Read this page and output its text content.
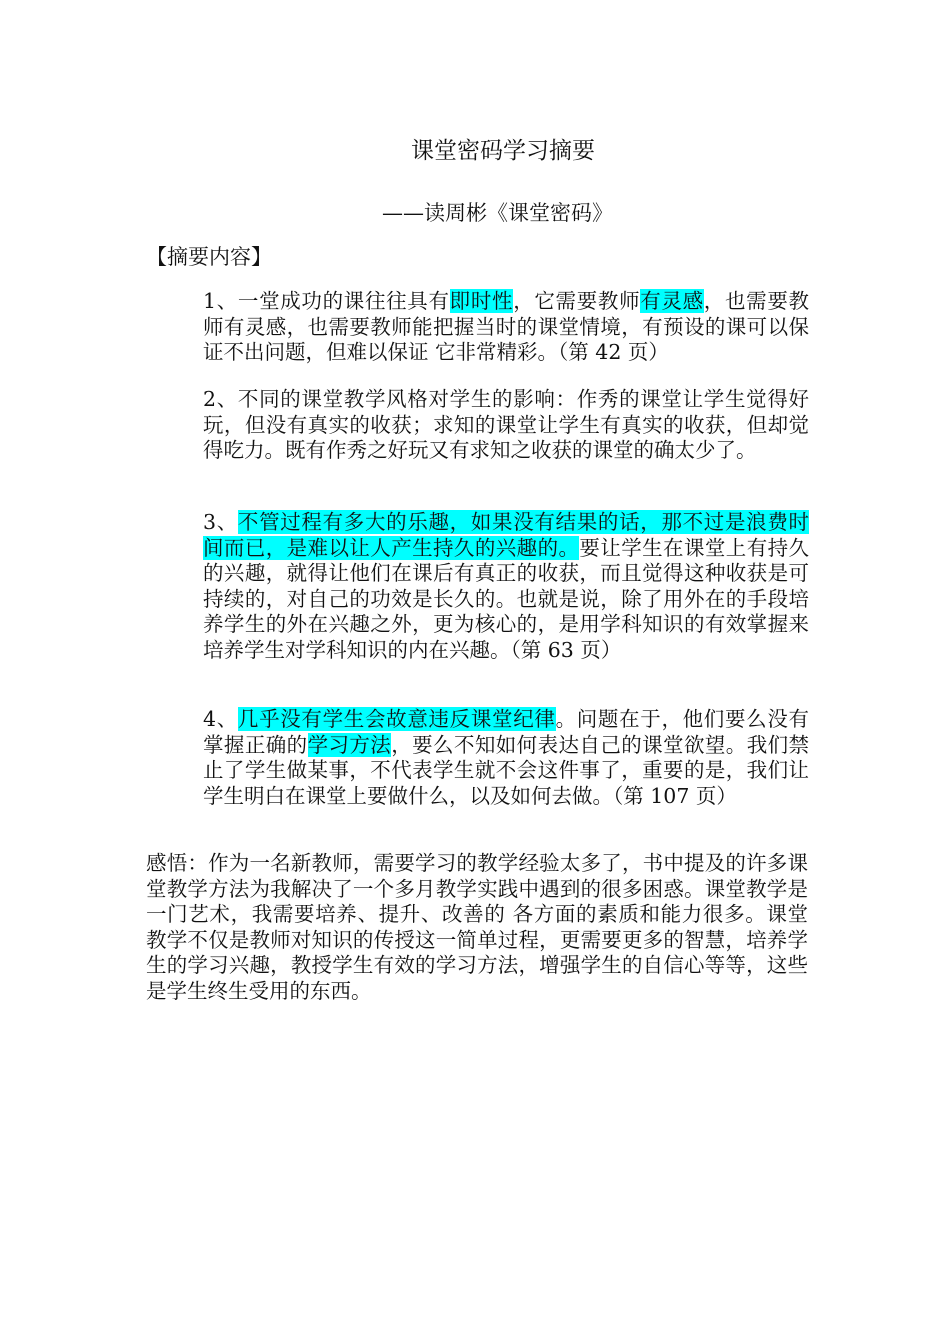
课堂密码学习摘要
——读周彬《课堂密码》
【摘要内容】
1、一堂成功的课往往具有即时性，它需要教师有灵感，也需要教师有灵感，也需要教师能把握当时的课堂情境，有预设的课可以保证不出问题，但难以保证 它非常精彩。（第 42 页）
2、不同的课堂教学风格对学生的影响：作秀的课堂让学生觉得好玩，但没有真实的收获；求知的课堂让学生有真实的收获，但却觉得吃力。既有作秀之好玩又有求知之收获的课堂的确太少了。
3、不管过程有多大的乐趣，如果没有结果的话，那不过是浪费时间而已，是难以让人产生持久的兴趣的。要让学生在课堂上有持久的兴趣，就得让他们在课后有真正的收获，而且觉得这种收获是可持续的，对自己的功效是长久的。也就是说，除了用外在的手段培养学生的外在兴趣之外，更为核心的，是用学科知识的有效掌握来培养学生对学科知识的内在兴趣。（第 63 页）
4、几乎没有学生会故意违反课堂纪律。问题在于，他们要么没有掌握正确的学习方法，要么不知如何表达自己的课堂欲望。我们禁止了学生做某事，不代表学生就不会这件事了，重要的是，我们让学生明白在课堂上要做什么，以及如何去做。（第 107 页）
感悟：作为一名新教师，需要学习的教学经验太多了，书中提及的许多课堂教学方法为我解决了一个多月教学实践中遇到的很多困惑。课堂教学是一门艺术，我需要培养、提升、改善的 各方面的素质和能力很多。课堂教学不仅是教师对知识的传授这一简单过程，更需要更多的智慧，培养学生的学习兴趣，教授学生有效的学习方法，增强学生的自信心等等，这些是学生终生受用的东西。
